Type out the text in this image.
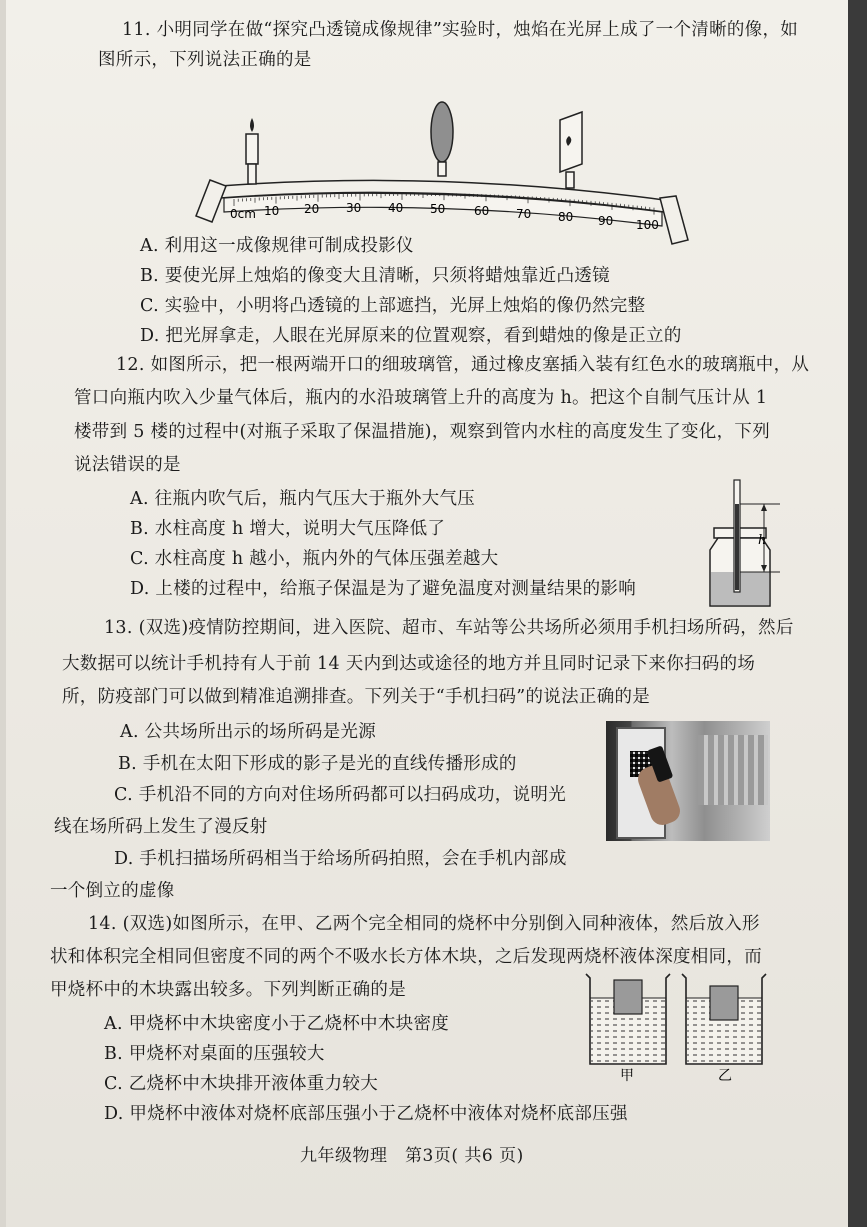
11. 小明同学在做“探究凸透镜成像规律”实验时，烛焰在光屏上成了一个清晰的像，如
图所示，下列说法正确的是
0cm 10 20 30 40 50 60 70 80 90 100
A. 利用这一成像规律可制成投影仪
B. 要使光屏上烛焰的像变大且清晰，只须将蜡烛靠近凸透镜
C. 实验中，小明将凸透镜的上部遮挡，光屏上烛焰的像仍然完整
D. 把光屏拿走，人眼在光屏原来的位置观察，看到蜡烛的像是正立的
12. 如图所示，把一根两端开口的细玻璃管，通过橡皮塞插入装有红色水的玻璃瓶中，从
管口向瓶内吹入少量气体后，瓶内的水沿玻璃管上升的高度为 h。把这个自制气压计从 1
楼带到 5 楼的过程中(对瓶子采取了保温措施)，观察到管内水柱的高度发生了变化，下列
说法错误的是
h
A. 往瓶内吹气后，瓶内气压大于瓶外大气压
B. 水柱高度 h 增大，说明大气压降低了
C. 水柱高度 h 越小，瓶内外的气体压强差越大
D. 上楼的过程中，给瓶子保温是为了避免温度对测量结果的影响
13. (双选)疫情防控期间，进入医院、超市、车站等公共场所必须用手机扫场所码，然后
大数据可以统计手机持有人于前 14 天内到达或途径的地方并且同时记录下来你扫码的场
所，防疫部门可以做到精准追溯排查。下列关于“手机扫码”的说法正确的是
A. 公共场所出示的场所码是光源
B. 手机在太阳下形成的影子是光的直线传播形成的
C. 手机沿不同的方向对住场所码都可以扫码成功，说明光
线在场所码上发生了漫反射
D. 手机扫描场所码相当于给场所码拍照，会在手机内部成
一个倒立的虚像
14. (双选)如图所示，在甲、乙两个完全相同的烧杯中分别倒入同种液体，然后放入形
状和体积完全相同但密度不同的两个不吸水长方体木块，之后发现两烧杯液体深度相同，而
甲烧杯中的木块露出较多。下列判断正确的是
甲	乙
A. 甲烧杯中木块密度小于乙烧杯中木块密度
B. 甲烧杯对桌面的压强较大
C. 乙烧杯中木块排开液体重力较大
D. 甲烧杯中液体对烧杯底部压强小于乙烧杯中液体对烧杯底部压强
九年级物理　第3页( 共6 页)
